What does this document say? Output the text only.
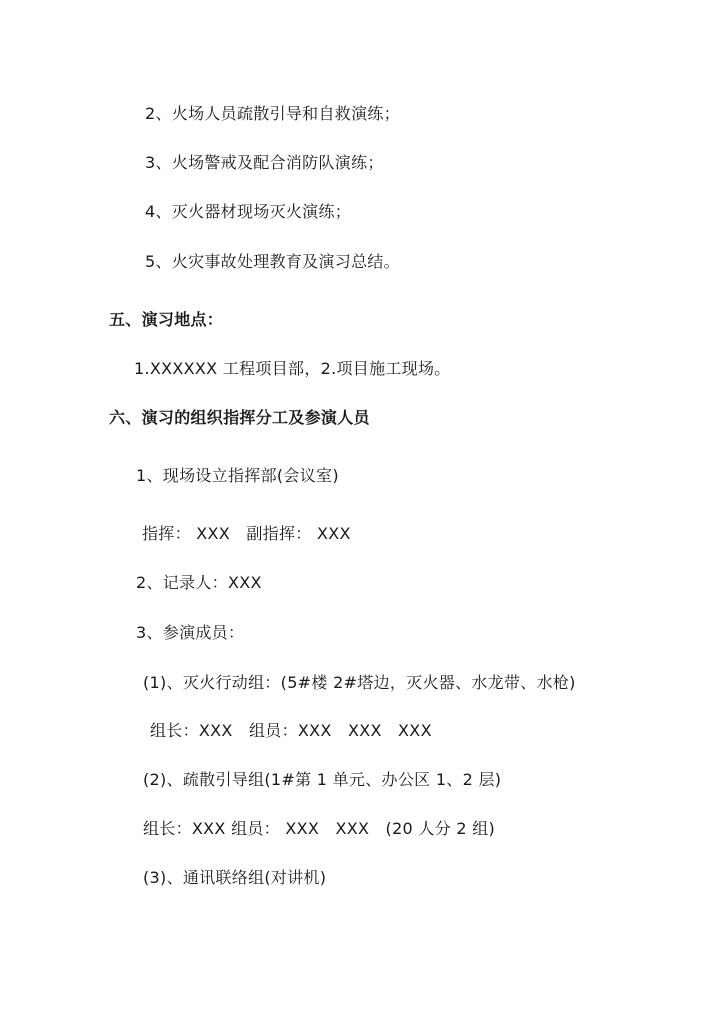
2、火场人员疏散引导和自救演练；
3、火场警戒及配合消防队演练；
4、灭火器材现场灭火演练；
5、火灾事故处理教育及演习总结。
五、演习地点：
1.XXXXXX 工程项目部，2.项目施工现场。
六、演习的组织指挥分工及参演人员
1、现场设立指挥部(会议室)
指挥： XXX　副指挥： XXX
2、记录人：XXX
3、参演成员：
(1)、灭火行动组：(5#楼 2#塔边，灭火器、水龙带、水枪)
组长：XXX　组员：XXX　XXX　XXX
(2)、疏散引导组(1#第 1 单元、办公区 1、2 层)
组长：XXX 组员： XXX　XXX　(20 人分 2 组)
(3)、通讯联络组(对讲机)
